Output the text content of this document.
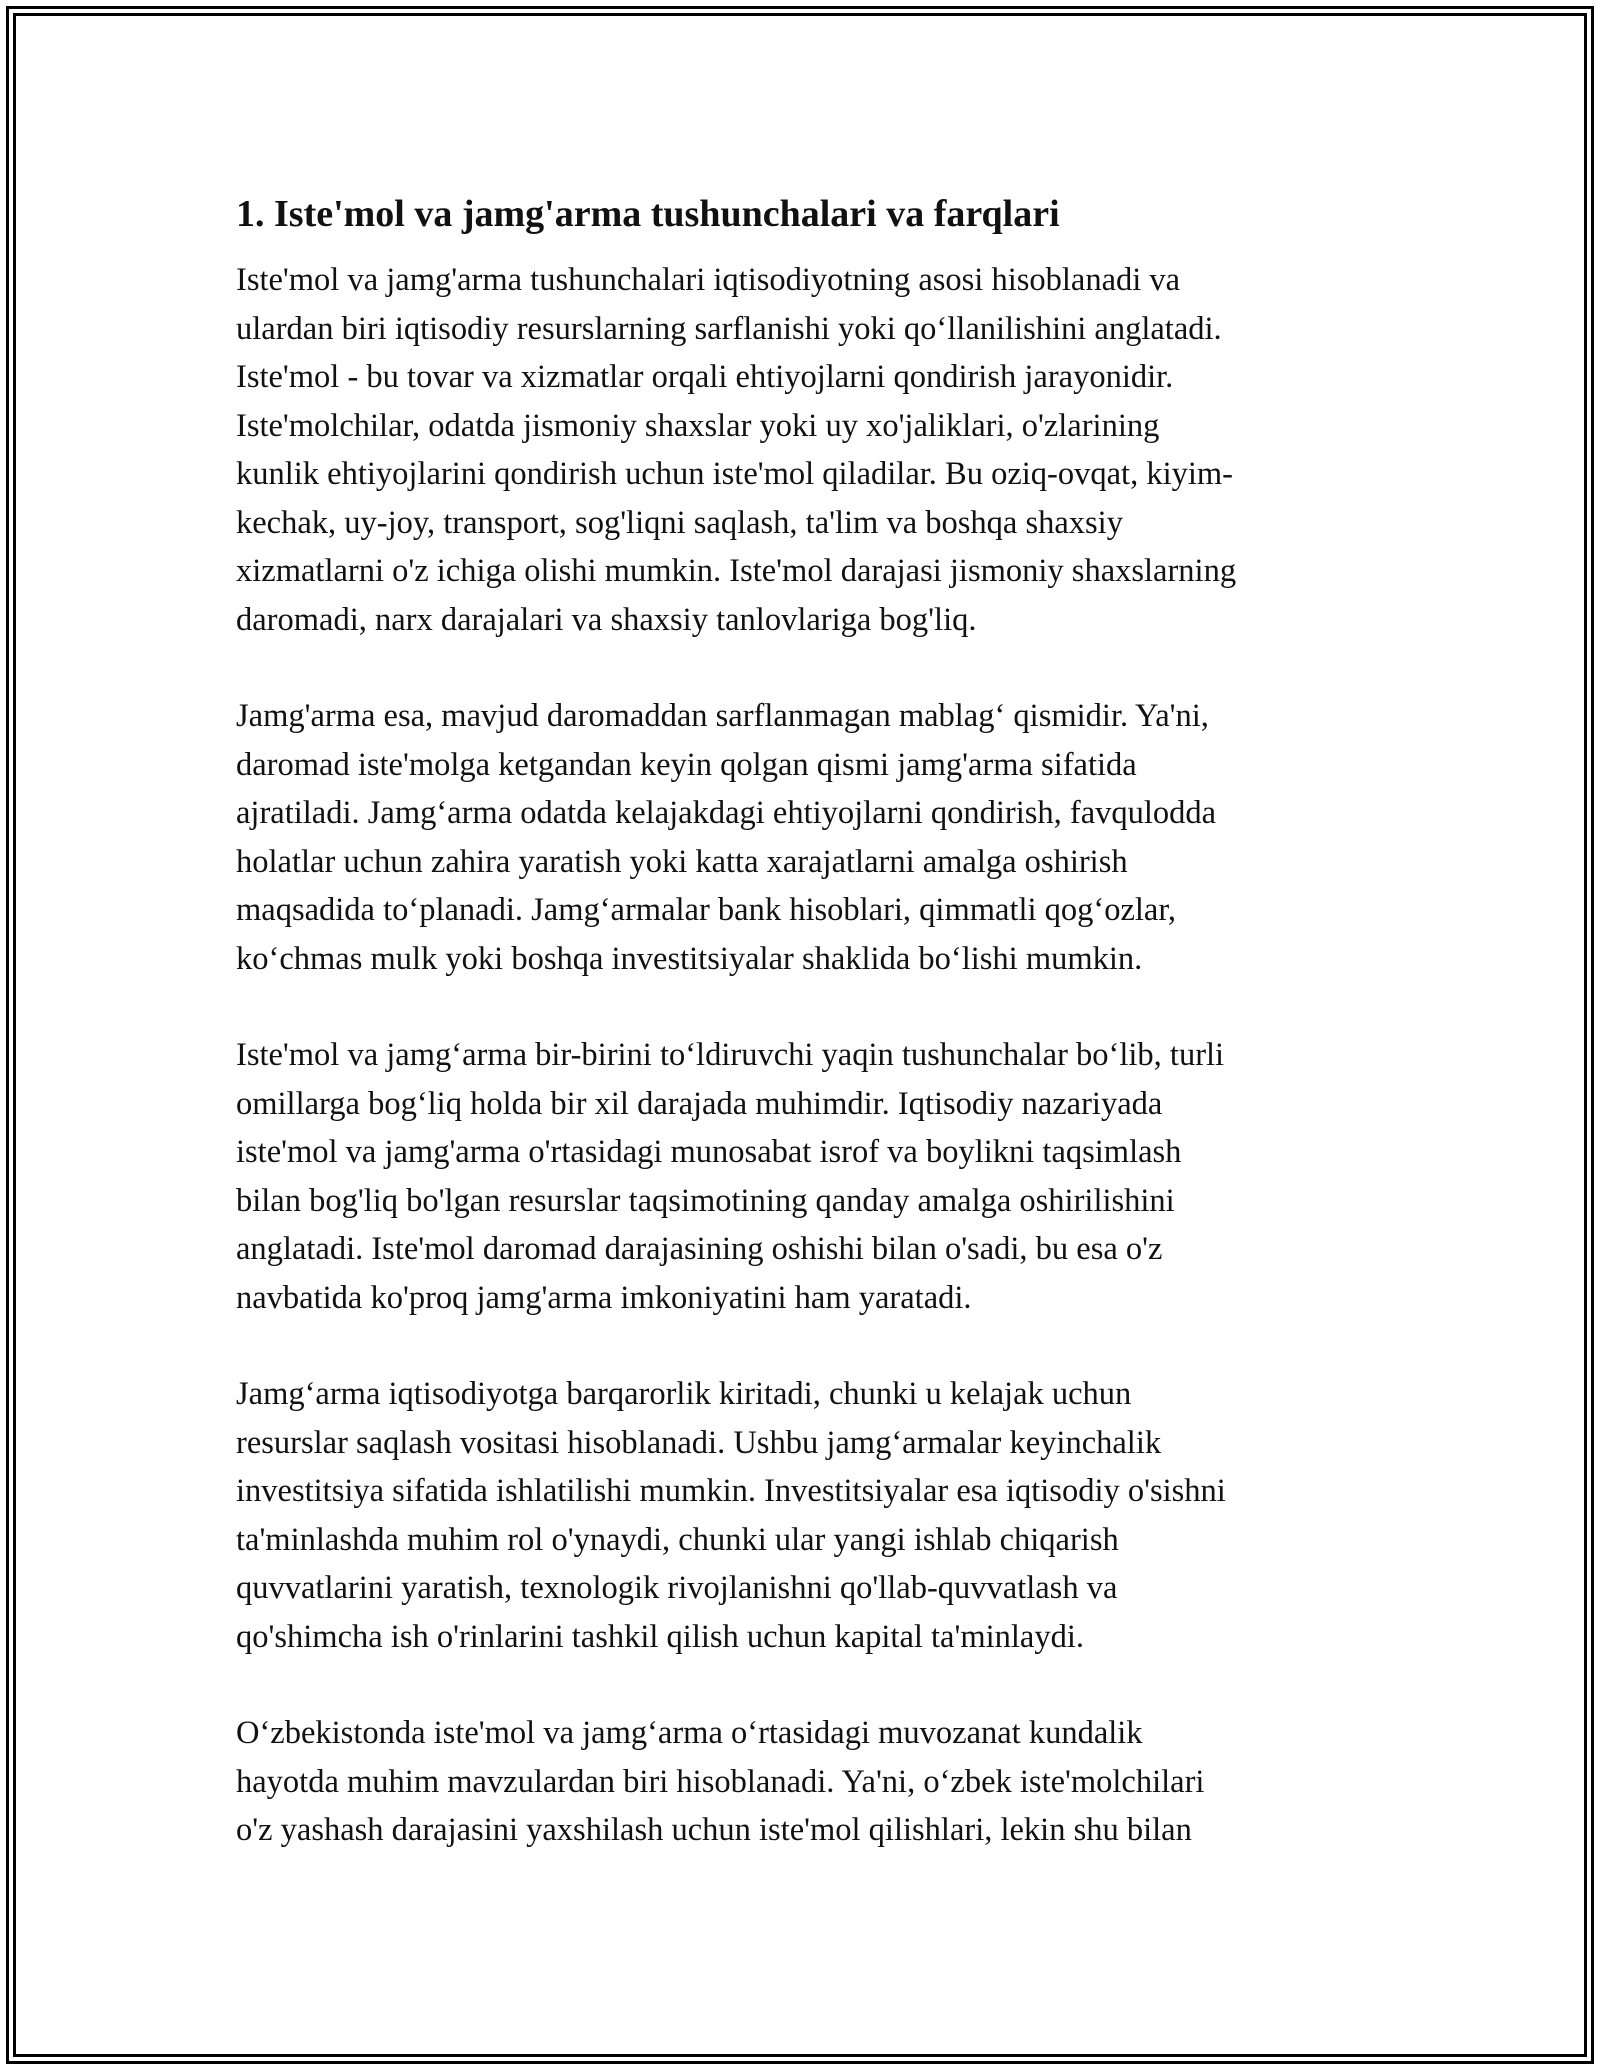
1. Iste'mol va jamg'arma tushunchalari va farqlari
Iste'mol va jamg'arma tushunchalari iqtisodiyotning asosi hisoblanadi va
ulardan biri iqtisodiy resurslarning sarflanishi yoki qo‘llanilishini anglatadi.
Iste'mol - bu tovar va xizmatlar orqali ehtiyojlarni qondirish jarayonidir.
Iste'molchilar, odatda jismoniy shaxslar yoki uy xo'jaliklari, o'zlarining
kunlik ehtiyojlarini qondirish uchun iste'mol qiladilar. Bu oziq-ovqat, kiyim-
kechak, uy-joy, transport, sog'liqni saqlash, ta'lim va boshqa shaxsiy
xizmatlarni o'z ichiga olishi mumkin. Iste'mol darajasi jismoniy shaxslarning
daromadi, narx darajalari va shaxsiy tanlovlariga bog'liq.
Jamg'arma esa, mavjud daromaddan sarflanmagan mablag‘ qismidir. Ya'ni,
daromad iste'molga ketgandan keyin qolgan qismi jamg'arma sifatida
ajratiladi. Jamg‘arma odatda kelajakdagi ehtiyojlarni qondirish, favqulodda
holatlar uchun zahira yaratish yoki katta xarajatlarni amalga oshirish
maqsadida to‘planadi. Jamg‘armalar bank hisoblari, qimmatli qog‘ozlar,
ko‘chmas mulk yoki boshqa investitsiyalar shaklida bo‘lishi mumkin.
Iste'mol va jamg‘arma bir-birini to‘ldiruvchi yaqin tushunchalar bo‘lib, turli
omillarga bog‘liq holda bir xil darajada muhimdir. Iqtisodiy nazariyada
iste'mol va jamg'arma o'rtasidagi munosabat isrof va boylikni taqsimlash
bilan bog'liq bo'lgan resurslar taqsimotining qanday amalga oshirilishini
anglatadi. Iste'mol daromad darajasining oshishi bilan o'sadi, bu esa o'z
navbatida ko'proq jamg'arma imkoniyatini ham yaratadi.
Jamg‘arma iqtisodiyotga barqarorlik kiritadi, chunki u kelajak uchun
resurslar saqlash vositasi hisoblanadi. Ushbu jamg‘armalar keyinchalik
investitsiya sifatida ishlatilishi mumkin. Investitsiyalar esa iqtisodiy o'sishni
ta'minlashda muhim rol o'ynaydi, chunki ular yangi ishlab chiqarish
quvvatlarini yaratish, texnologik rivojlanishni qo'llab-quvvatlash va
qo'shimcha ish o'rinlarini tashkil qilish uchun kapital ta'minlaydi.
O‘zbekistonda iste'mol va jamg‘arma o‘rtasidagi muvozanat kundalik
hayotda muhim mavzulardan biri hisoblanadi. Ya'ni, o‘zbek iste'molchilari
o'z yashash darajasini yaxshilash uchun iste'mol qilishlari, lekin shu bilan
